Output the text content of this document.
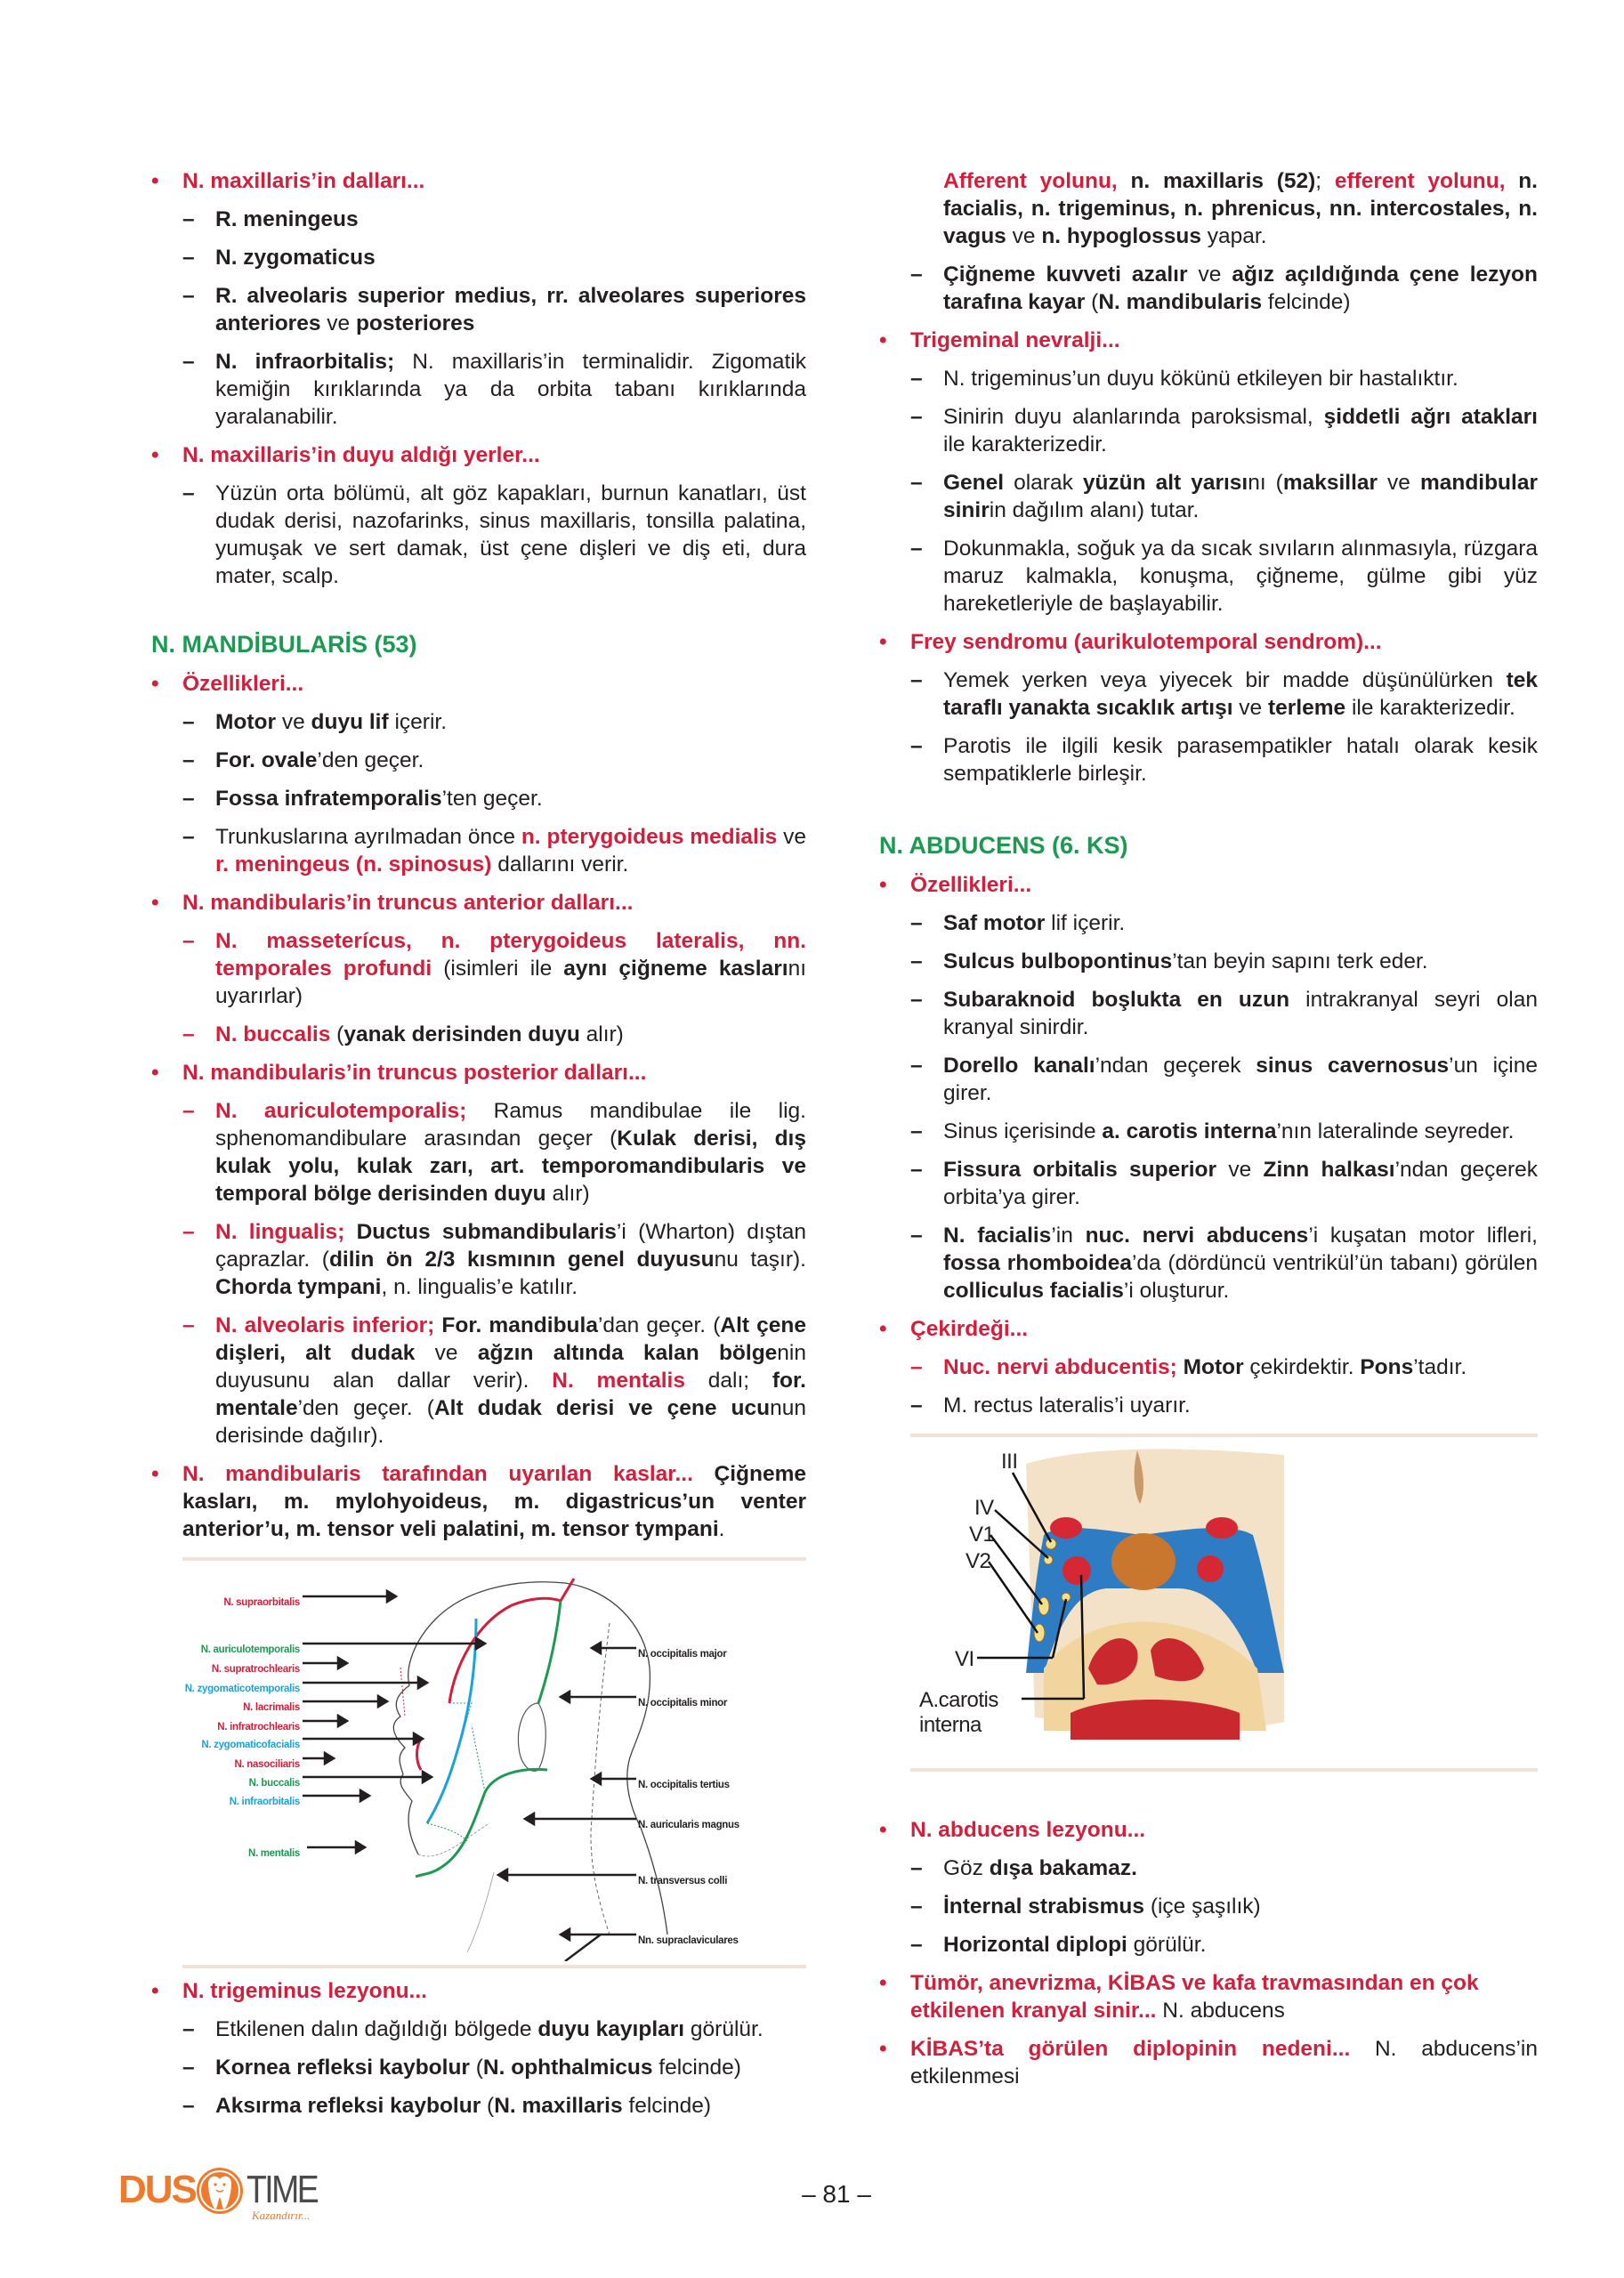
• N. maxillaris’in dalları...

– R. meningeus

– N. zygomaticus

– R. alveolaris superior medius, rr. alveolares superiores anteriores ve posteriores

– N. infraorbitalis; N. maxillaris’in terminalidir. Zigomatik kemiğin kırıklarında ya da orbita tabanı kırıklarında yaralanabilir.

• N. maxillaris’in duyu aldığı yerler...

– Yüzün orta bölümü, alt göz kapakları, burnun kanatları, üst dudak derisi, nazofarinks, sinus maxillaris, tonsilla palatina, yumuşak ve sert damak, üst çene dişleri ve diş eti, dura mater, scalp.

N. MANDİBULARİS (53)

• Özellikleri...

– Motor ve duyu lif içerir.

– For. ovale’den geçer.

– Fossa infratemporalis’ten geçer.

– Trunkuslarına ayrılmadan önce n. pterygoideus medialis ve r. meningeus (n. spinosus) dallarını verir.

• N. mandibularis’in truncus anterior dalları...

– N. masseterícus, n. pterygoideus lateralis, nn. temporales profundi (isimleri ile aynı çiğneme kaslarını uyarırlar)

– N. buccalis (yanak derisinden duyu alır)

• N. mandibularis’in truncus posterior dalları...

– N. auriculotemporalis; Ramus mandibulae ile lig. sphenomandibulare arasından geçer (Kulak derisi, dış kulak yolu, kulak zarı, art. temporomandibularis ve temporal bölge derisinden duyu alır)

– N. lingualis; Ductus submandibularis’i (Wharton) dıştan çaprazlar. (dilin ön 2/3 kısmının genel duyusunu taşır). Chorda tympani, n. lingualis’e katılır.

– N. alveolaris inferior; For. mandibula’dan geçer. (Alt çene dişleri, alt dudak ve ağzın altında kalan bölgenin duyusunu alan dallar verir). N. mentalis dalı; for. mentale’den geçer. (Alt dudak derisi ve çene ucunun derisinde dağılır).

• N. mandibularis tarafından uyarılan kaslar... Çiğneme kasları, m. mylohyoideus, m. digastricus’un venter anterior’u, m. tensor veli palatini, m. tensor tympani.

N. supraorbitalis
N. auriculotemporalis
N. supratrochlearis
N. zygomaticotemporalis
N. lacrimalis
N. infratrochlearis
N. zygomaticofacialis
N. nasociliaris
N. buccalis
N. infraorbitalis
N. mentalis
N. occipitalis major
N. occipitalis minor
N. occipitalis tertius
N. auricularis magnus
N. transversus colli
Nn. supraclaviculares

• N. trigeminus lezyonu...

– Etkilenen dalın dağıldığı bölgede duyu kayıpları görülür.

– Kornea refleksi kaybolur (N. ophthalmicus felcinde)

– Aksırma refleksi kaybolur (N. maxillaris felcinde)

Afferent yolunu, n. maxillaris (52); efferent yolunu, n. facialis, n. trigeminus, n. phrenicus, nn. intercostales, n. vagus ve n. hypoglossus yapar.

– Çiğneme kuvveti azalır ve ağız açıldığında çene lezyon tarafına kayar (N. mandibularis felcinde)

• Trigeminal nevralji...

– N. trigeminus’un duyu kökünü etkileyen bir hastalıktır.

– Sinirin duyu alanlarında paroksismal, şiddetli ağrı atakları ile karakterizedir.

– Genel olarak yüzün alt yarısını (maksillar ve mandibular sinirin dağılım alanı) tutar.

– Dokunmakla, soğuk ya da sıcak sıvıların alınmasıyla, rüzgara maruz kalmakla, konuşma, çiğneme, gülme gibi yüz hareketleriyle de başlayabilir.

• Frey sendromu (aurikulotemporal sendrom)...

– Yemek yerken veya yiyecek bir madde düşünülürken tek taraflı yanakta sıcaklık artışı ve terleme ile karakterizedir.

– Parotis ile ilgili kesik parasempatikler hatalı olarak kesik sempatiklerle birleşir.

N. ABDUCENS (6. KS)

• Özellikleri...

– Saf motor lif içerir.

– Sulcus bulbopontinus’tan beyin sapını terk eder.

– Subaraknoid boşlukta en uzun intrakranyal seyri olan kranyal sinirdir.

– Dorello kanalı’ndan geçerek sinus cavernosus’un içine girer.

– Sinus içerisinde a. carotis interna’nın lateralinde seyreder.

– Fissura orbitalis superior ve Zinn halkası’ndan geçerek orbita’ya girer.

– N. facialis’in nuc. nervi abducens’i kuşatan motor lifleri, fossa rhomboidea’da (dördüncü ventrikül’ün tabanı) görülen colliculus facialis’i oluşturur.

• Çekirdeği...

– Nuc. nervi abducentis; Motor çekirdektir. Pons’tadır.

– M. rectus lateralis’i uyarır.

III
IV
V1
V2
VI
A.carotis
interna

• N. abducens lezyonu...

– Göz dışa bakamaz.

– İnternal strabismus (içe şaşılık)

– Horizontal diplopi görülür.

• Tümör, anevrizma, KİBAS ve kafa travmasından en çok etkilenen kranyal sinir... N. abducens

• KİBAS’ta görülen diplopinin nedeni... N. abducens’in etkilenmesi

DUS TIME
Kazandırır...
– 81 –
